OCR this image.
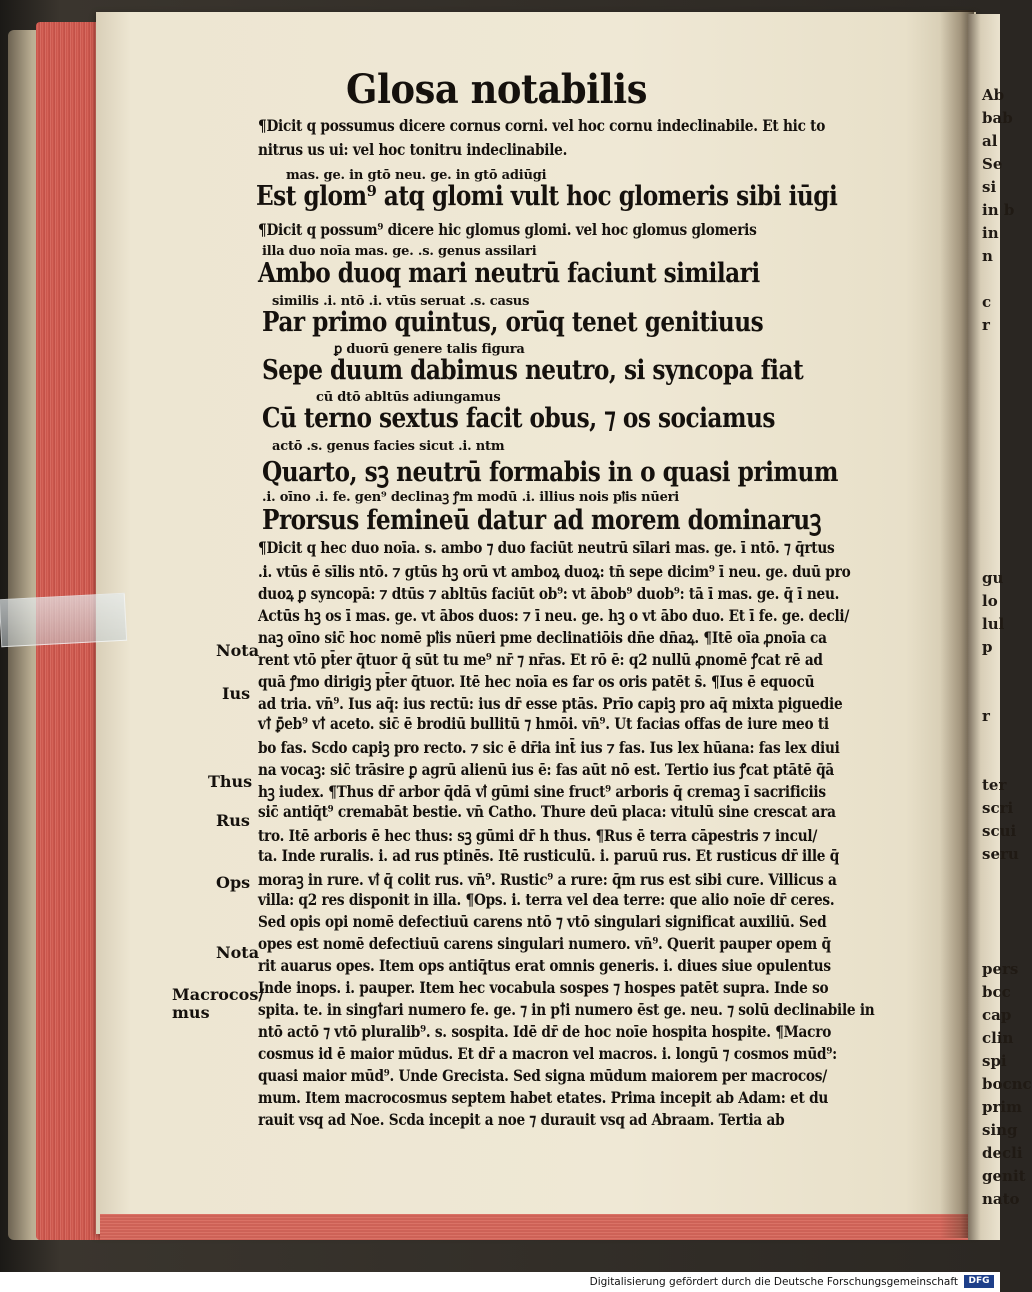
Ab
bab
al
Se
si
in b
in
n

c
r

gu
lo
lul
p

r

ter
scri
scui
seru

pers
bcc
cap
clin
spi
bocnc
prim
sing
decli
genit
nato
Glosa notabilis
¶Dicit q possumus dicere cornus corni. vel hoc cornu indeclinabile. Et hic to
nitrus us ui: vel hoc tonitru indeclinabile.
mas. ge. in gtō neu. ge. in gtō adiūgi
Est glom⁹ atq glomi vult hoc glomeris sibi iūgi
¶Dicit q possum⁹ dicere hic glomus glomi. vel hoc glomus glomeris
illa duo noīa mas. ge. .s. genus assilari
Ambo duoq mari neutrū faciunt similari
similis .i. ntō .i. vtūs seruat .s. casus
Par primo quintus, orūq tenet genitiuus
ꝑ duorū genere talis figura
Sepe duum dabimus neutro, si syncopa fiat
cū dtō abltūs adiungamus
Cū terno sextus facit obus, ⁊ os sociamus
actō .s. genus facies sicut .i. ntm
Quarto, sꝫ neutrū formabis in o quasi primum
.i. oīno .i. fe. gen⁹ declinaꝫ ꝭm modū .i. illius nois pꝉis nūeri
Prorsus femineū datur ad morem dominaruꝫ
¶Dicit q hec duo noīa. s. ambo ⁊ duo faciūt neutrū sīlari mas. ge. ī ntō. ⁊ q̄rtus
.i. vtūs ē sīlis ntō. ⁊ gtūs hꝫ orū vt amboꝝ duoꝝ: tn̄ sepe dicim⁹ ī neu. ge. duū pro
duoꝝ ꝑ syncopā: ⁊ dtūs ⁊ abltūs faciūt ob⁹: vt ābob⁹ duob⁹: tā ī mas. ge. q̄ ī neu.
Actūs hꝫ os ī mas. ge. vt ābos duos: ⁊ ī neu. ge. hꝫ o vt ābo duo. Et ī fe. ge. decli/
naꝫ oīno sic̄ hoc nomē pꝉis nūeri pme declinatiōis dn̄e dn̄aꝝ. ¶Itē oīa ꝓnoīa ca
rent vtō pt̄er q̄tuor q̄ sūt tu me⁹ nr̄ ⁊ nr̄as. Et rō ē: q2 nullū ꝓnomē ꝭcat rē ad
quā ꝭmo dirigiꝫ pt̄er q̄tuor. Itē hec noīa es far os oris patēt s̄. ¶Ius ē equocū
ad tria. vn̄⁹. Ius aq̄: ius rectū: ius dr̄ esse ptās. Prīo capiꝫ pro aq̄ mixta piguedie
vꝉ ꝑ̄eb⁹ vꝉ aceto. sic̄ ē brodiū bullitū ⁊ hmōi. vn̄⁹. Ut facias offas de iure meo ti
bo fas. Scdo capiꝫ pro recto. ⁊ sic ē dr̄ia int̄ ius ⁊ fas. Ius lex hūana: fas lex diui
na vocaꝫ: sic̄ trāsire ꝑ agrū alienū ius ē: fas aūt nō est. Tertio ius ꝭcat ptātē q̄ā
hꝫ iudex. ¶Thus dr̄ arbor q̄dā vꝉ gūmi sine fruct⁹ arboris q̄ cremaꝫ ī sacrificiis
sic̄ antiq̄t⁹ cremabāt bestie. vn̄ Catho. Thure deū placa: vitulū sine crescat ara
tro. Itē arboris ē hec thus: sꝫ gūmi dr̄ h thus. ¶Rus ē terra cāpestris ⁊ incul/
ta. Inde ruralis. i. ad rus ptinēs. Itē rusticulū. i. paruū rus. Et rusticus dr̄ ille q̄
moraꝫ in rure. vꝉ q̄ colit rus. vn̄⁹. Rustic⁹ a rure: q̄m rus est sibi cure. Villicus a
villa: q2 res disponit in illa. ¶Ops. i. terra vel dea terre: que alio noīe dr̄ ceres.
Sed opis opi nomē defectiuū carens ntō ⁊ vtō singulari significat auxiliū. Sed
opes est nomē defectiuū carens singulari numero. vn̄⁹. Querit pauper opem q̄
rit auarus opes. Item ops antiq̄tus erat omnis generis. i. diues siue opulentus
Inde inops. i. pauper. Item hec vocabula sospes ⁊ hospes patēt supra. Inde so
spita. te. in singꝉari numero fe. ge. ⁊ in pꝉi numero ēst ge. neu. ⁊ solū declinabile in
ntō actō ⁊ vtō pluralib⁹. s. sospita. Idē dr̄ de hoc noīe hospita hospite. ¶Macro
cosmus id ē maior mūdus. Et dr̄ a macron vel macros. i. longū ⁊ cosmos mūd⁹:
quasi maior mūd⁹. Unde Grecista. Sed signa mūdum maiorem per macrocos/
mum. Item macrocosmus septem habet etates. Prima incepit ab Adam: et du
rauit vsq ad Noe. Scda incepit a noe ⁊ durauit vsq ad Abraam. Tertia ab
Nota
Ius
Thus
Rus
Ops
Nota
Macrocos/
mus
Digitalisierung gefördert durch die Deutsche Forschungsgemeinschaft	DFG
